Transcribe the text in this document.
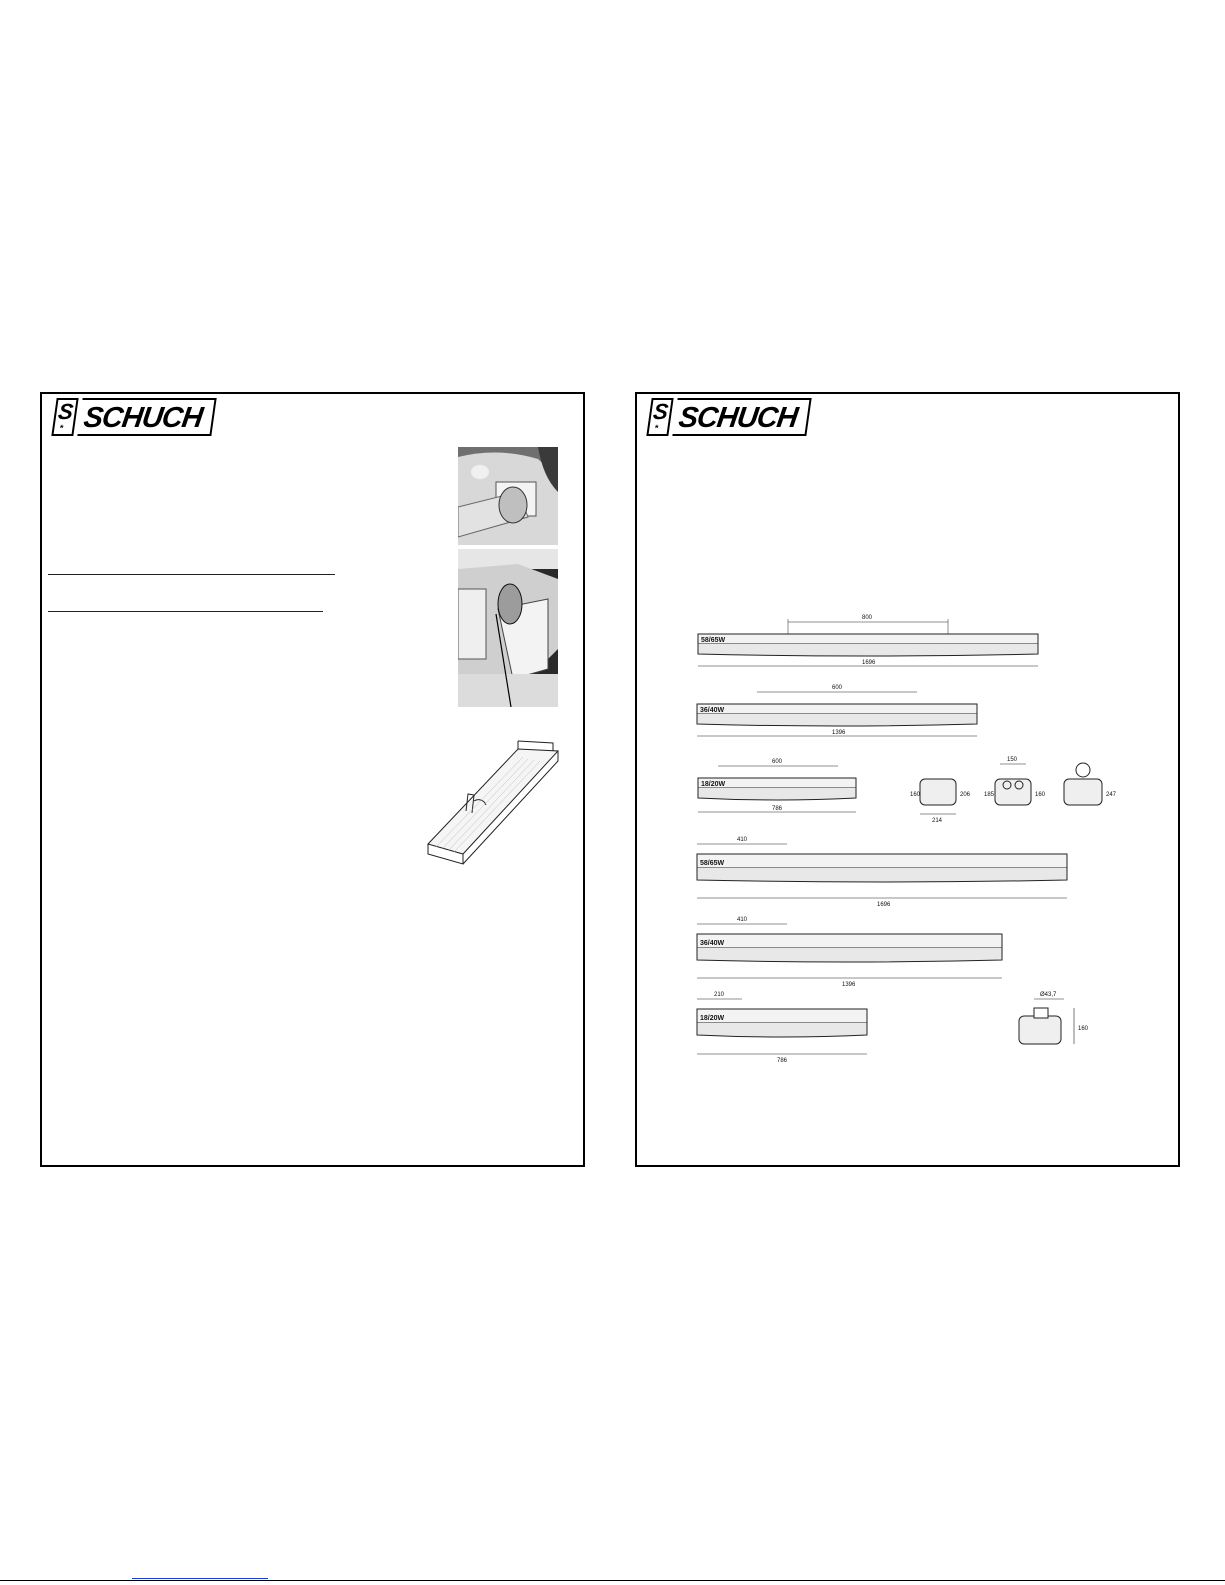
S
* SCHUCH	S
* SCHUCH
58/65W
800
1696
36/40W
600
1396
18/20W
600
786
160	206
214
150
185	160	247
58/65W
410
1696
36/40W
410
1396
18/20W
210
786
Ø43,7
160
